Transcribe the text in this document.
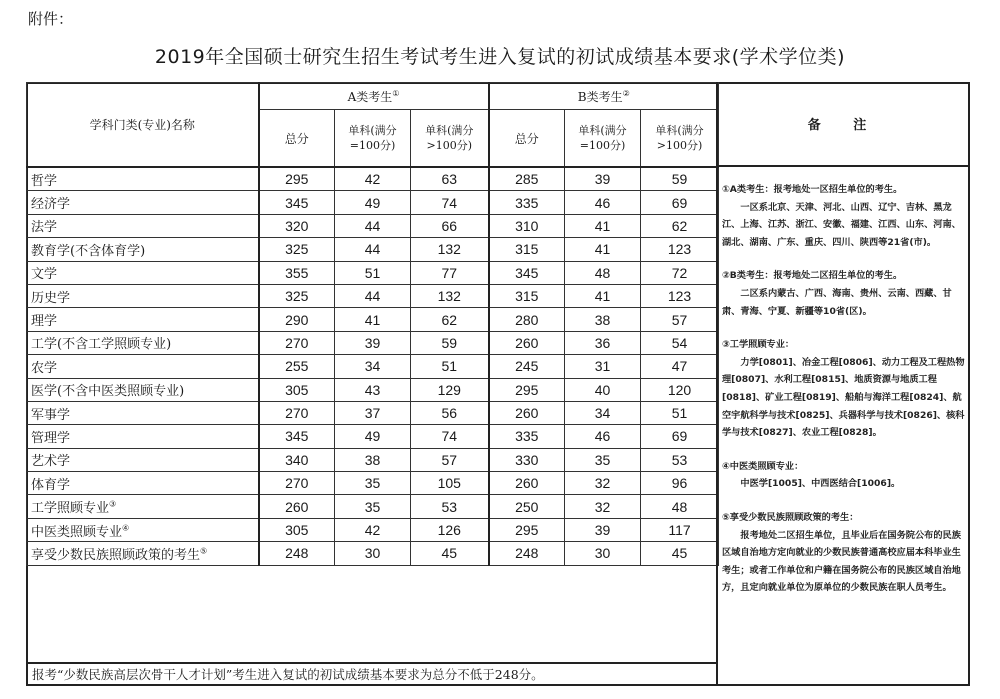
附件：
2019年全国硕士研究生招生考试考生进入复试的初试成绩基本要求(学术学位类)
学科门类(专业)名称	A类考生①			B类考生②
	总分	单科(满分=100分)	单科(满分>100分)	总分	单科(满分=100分)	单科(满分>100分)
哲学	295	42	63	285	39	59
经济学	345	49	74	335	46	69
法学	320	44	66	310	41	62
教育学(不含体育学)	325	44	132	315	41	123
文学	355	51	77	345	48	72
历史学	325	44	132	315	41	123
理学	290	41	62	280	38	57
工学(不含工学照顾专业)	270	39	59	260	36	54
农学	255	34	51	245	31	47
医学(不含中医类照顾专业)	305	43	129	295	40	120
军事学	270	37	56	260	34	51
管理学	345	49	74	335	46	69
艺术学	340	38	57	330	35	53
体育学	270	35	105	260	32	96
工学照顾专业③	260	35	53	250	32	48
中医类照顾专业④	305	42	126	295	39	117
享受少数民族照顾政策的考生⑤	248	30	45	248	30	45
报考“少数民族高层次骨干人才计划”考生进入复试的初试成绩基本要求为总分不低于248分。
备 注

①A类考生：报考地处一区招生单位的考生。

一区系北京、天津、河北、山西、辽宁、吉林、黑龙江、上海、江苏、浙江、安徽、福建、江西、山东、河南、湖北、湖南、广东、重庆、四川、陕西等21省(市)。

②B类考生：报考地处二区招生单位的考生。

二区系内蒙古、广西、海南、贵州、云南、西藏、甘肃、青海、宁夏、新疆等10省(区)。

③工学照顾专业：

力学[0801]、冶金工程[0806]、动力工程及工程热物理[0807]、水利工程[0815]、地质资源与地质工程[0818]、矿业工程[0819]、船舶与海洋工程[0824]、航空宇航科学与技术[0825]、兵器科学与技术[0826]、核科学与技术[0827]、农业工程[0828]。

④中医类照顾专业：

中医学[1005]、中西医结合[1006]。

⑤享受少数民族照顾政策的考生：

报考地处二区招生单位，且毕业后在国务院公布的民族区域自治地方定向就业的少数民族普通高校应届本科毕业生考生；或者工作单位和户籍在国务院公布的民族区域自治地方，且定向就业单位为原单位的少数民族在职人员考生。
